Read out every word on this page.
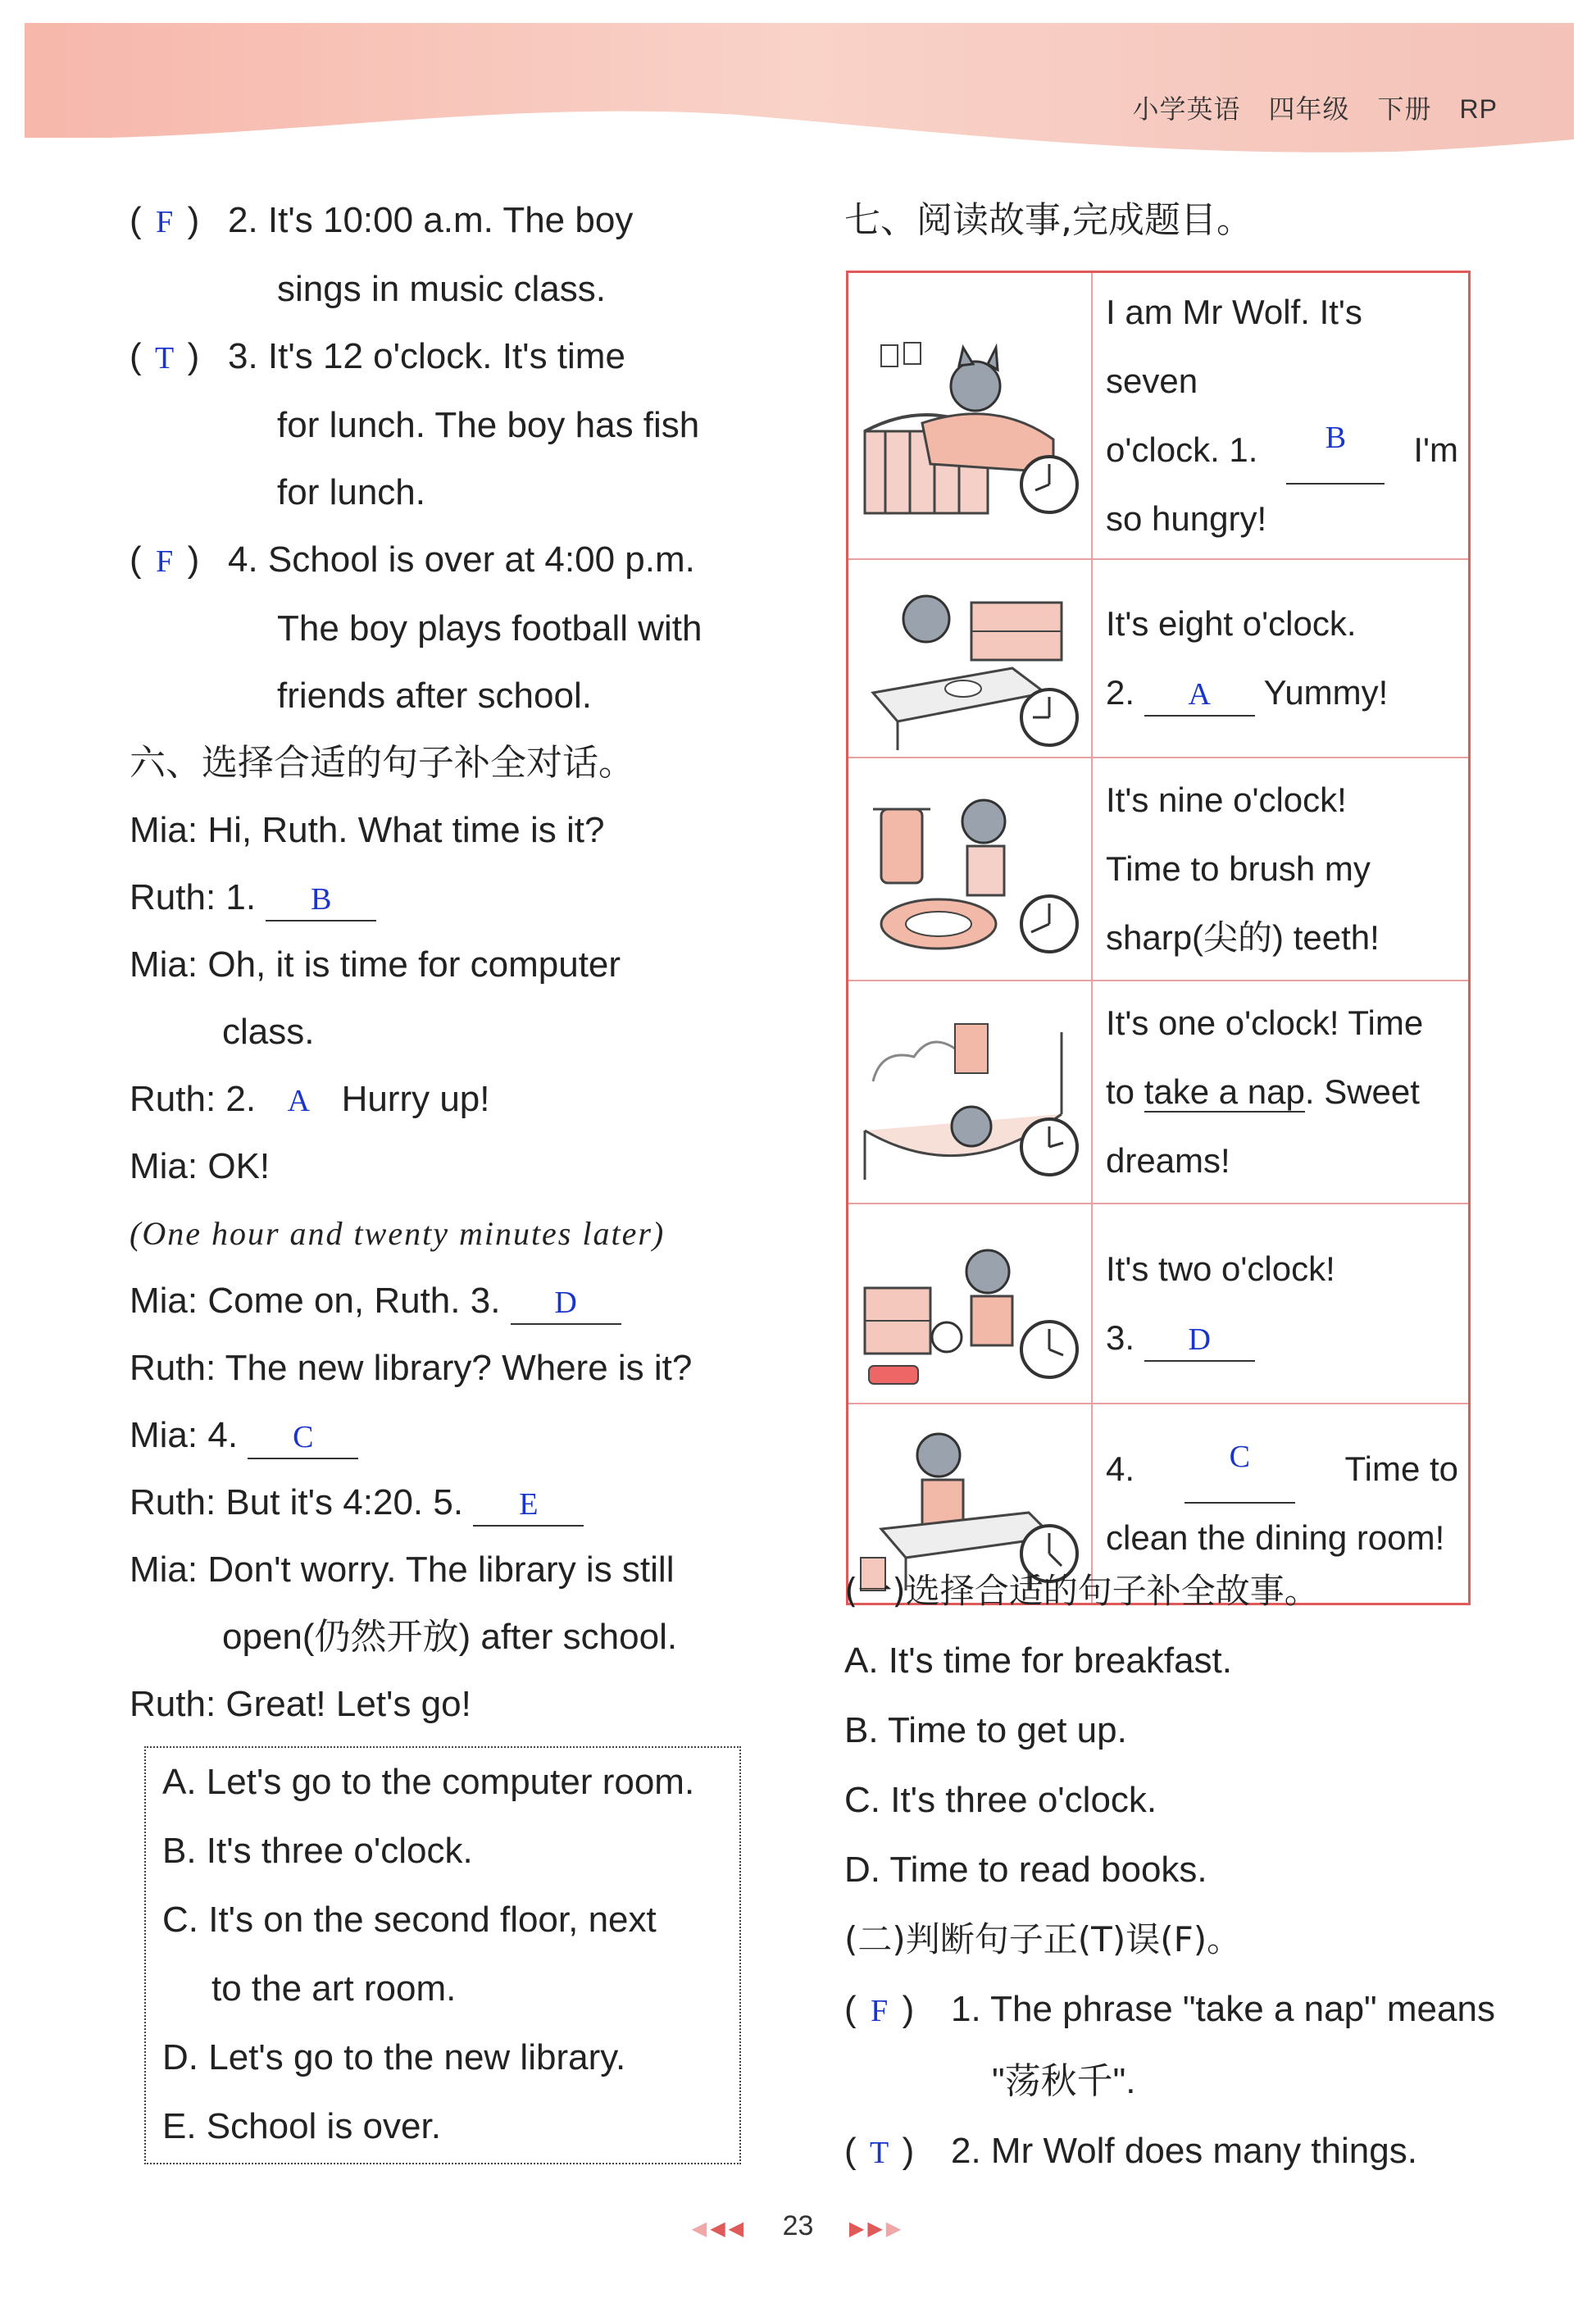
小学英语 四年级 下册 RP
( F ) 2. It's 10:00 a.m. The boy
sings in music class.
( T ) 3. It's 12 o'clock. It's time
for lunch. The boy has fish
for lunch.
( F ) 4. School is over at 4:00 p.m.
The boy plays football with
friends after school.
六、选择合适的句子补全对话。
Mia: Hi, Ruth. What time is it?
Ruth: 1. B
Mia: Oh, it is time for computer
class.
Ruth: 2. A Hurry up!
Mia: OK!
(One hour and twenty minutes later)
Mia: Come on, Ruth. 3. D
Ruth: The new library? Where is it?
Mia: 4. C
Ruth: But it's 4:20. 5. E
Mia: Don't worry. The library is still
open(仍然开放) after school.
Ruth: Great! Let's go!
A. Let's go to the computer room.
B. It's three o'clock.
C. It's on the second floor, next
to the art room.
D. Let's go to the new library.
E. School is over.
七、阅读故事,完成题目。

I am Mr Wolf. It's seven
o'clock. 1. B I'm
so hungry!

It's eight o'clock.
2. A Yummy!

It's nine o'clock!
Time to brush my
sharp(尖的) teeth!

It's one o'clock! Time
to take a nap. Sweet
dreams!

It's two o'clock!
3. D

4. C Time to
clean the dining room!
(一)选择合适的句子补全故事。
A. It's time for breakfast.
B. Time to get up.
C. It's three o'clock.
D. Time to read books.
(二)判断句子正(T)误(F)。
( F ) 1. The phrase "take a nap" means
"荡秋千".
( T ) 2. Mr Wolf does many things.
◀◀◀ 23 ▶▶▶
